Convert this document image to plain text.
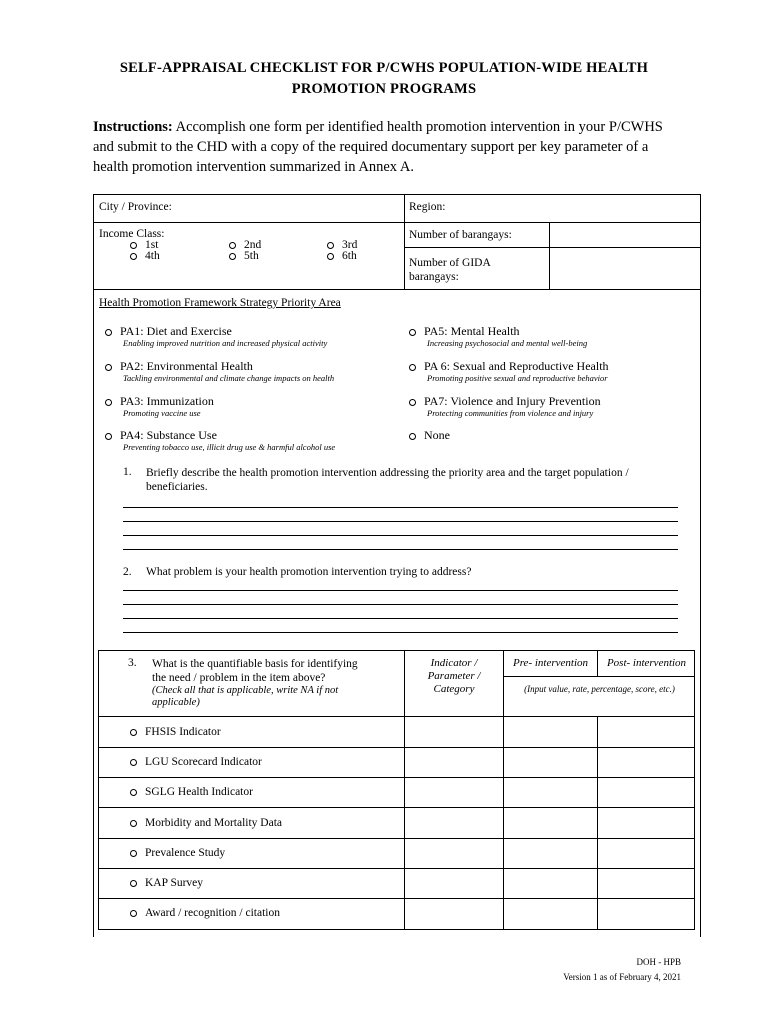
SELF-APPRAISAL CHECKLIST FOR P/CWHS POPULATION-WIDE HEALTH
PROMOTION PROGRAMS
Instructions: Accomplish one form per identified health promotion intervention in your P/CWHS and submit to the CHD with a copy of the required documentary support per key parameter of a health promotion intervention summarized in Annex A.
City / Province:	Region:
Income Class:
1st	2nd	3rd
4th	5th	6th
Number of barangays:
Number of GIDA
barangays:
Health Promotion Framework Strategy Priority Area
PA1: Diet and Exercise
Enabling improved nutrition and increased physical activity
PA2: Environmental Health
Tackling environmental and climate change impacts on health
PA3: Immunization
Promoting vaccine use
PA4: Substance Use
Preventing tobacco use, illicit drug use & harmful alcohol use
PA5: Mental Health
Increasing psychosocial and mental well-being
PA 6: Sexual and Reproductive Health
Promoting positive sexual and reproductive behavior
PA7: Violence and Injury Prevention
Protecting communities from violence and injury
None
1. Briefly describe the health promotion intervention addressing the priority area and the target population /
beneficiaries.
2. What problem is your health promotion intervention trying to address?
3. What is the quantifiable basis for identifying
the need / problem in the item above?
(Check all that is applicable, write NA if not
applicable)
Indicator /
Parameter /
Category
Pre- intervention	Post- intervention
(Input value, rate, percentage, score, etc.)
FHSIS Indicator
LGU Scorecard Indicator
SGLG Health Indicator
Morbidity and Mortality Data
Prevalence Study
KAP Survey
Award / recognition / citation
DOH - HPB
Version 1 as of February 4, 2021
